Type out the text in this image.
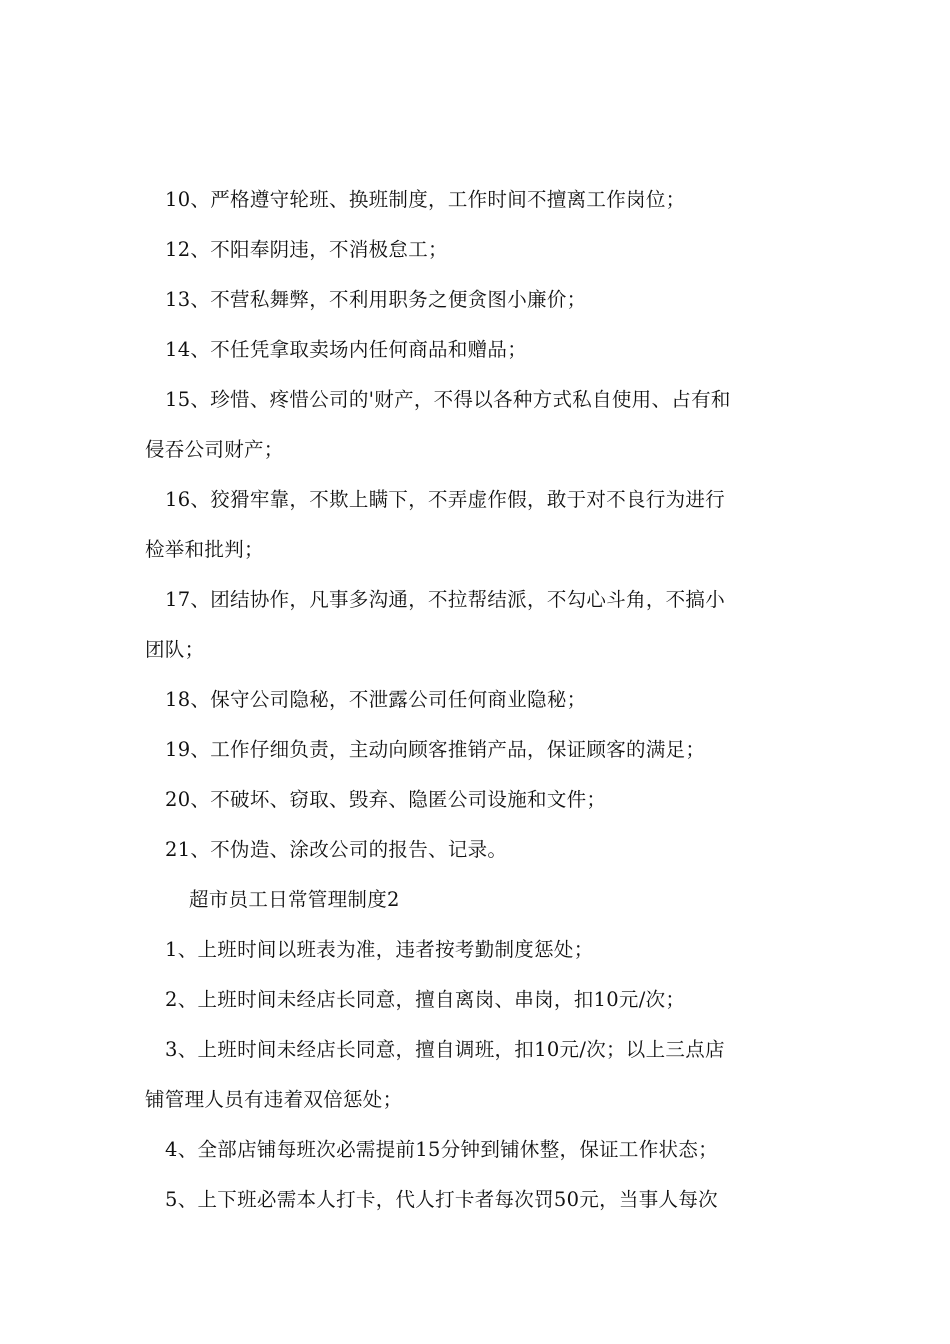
10、严格遵守轮班、换班制度，工作时间不擅离工作岗位；
12、不阳奉阴违，不消极怠工；
13、不营私舞弊，不利用职务之便贪图小廉价；
14、不任凭拿取卖场内任何商品和赠品；
15、珍惜、疼惜公司的'财产，不得以各种方式私自使用、占有和
侵吞公司财产；
16、狡猾牢靠，不欺上瞒下，不弄虚作假，敢于对不良行为进行
检举和批判；
17、团结协作，凡事多沟通，不拉帮结派，不勾心斗角，不搞小
团队；
18、保守公司隐秘，不泄露公司任何商业隐秘；
19、工作仔细负责，主动向顾客推销产品，保证顾客的满足；
20、不破坏、窃取、毁弃、隐匿公司设施和文件；
21、不伪造、涂改公司的报告、记录。
超市员工日常管理制度2
1、上班时间以班表为准，违者按考勤制度惩处；
2、上班时间未经店长同意，擅自离岗、串岗，扣10元/次；
3、上班时间未经店长同意，擅自调班，扣10元/次；以上三点店
铺管理人员有违着双倍惩处；
4、全部店铺每班次必需提前15分钟到铺休整，保证工作状态；
5、上下班必需本人打卡，代人打卡者每次罚50元，当事人每次
